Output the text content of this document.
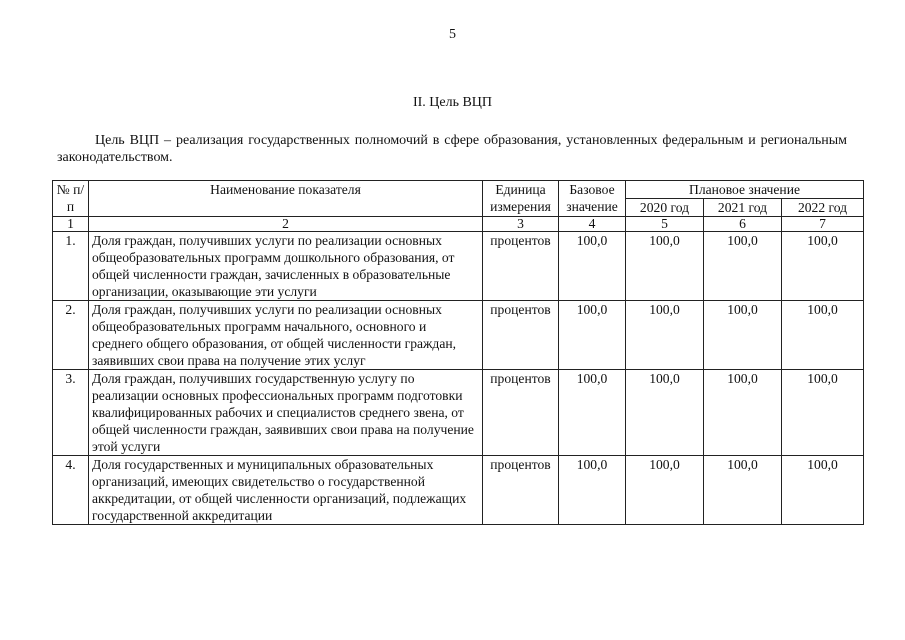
5
II. Цель ВЦП
Цель ВЦП – реализация государственных полномочий в сфере образования, установленных федеральным и региональным законодательством.
№ п/п	Наименование показателя	Единица измерения	Базовое значение	Плановое значение		
				2020 год	2021 год	2022 год
1	2	3	4	5	6	7
1.	Доля граждан, получивших услуги по реализации основных общеобразовательных программ дошкольного образования, от общей численности граждан, зачисленных в образовательные организации, оказывающие эти услуги	процентов	100,0	100,0	100,0	100,0
2.	Доля граждан, получивших услуги по реализации основных общеобразовательных программ начального, основного и среднего общего образования, от общей численности граждан, заявивших свои права на получение этих услуг	процентов	100,0	100,0	100,0	100,0
3.	Доля граждан, получивших государственную услугу по реализации основных профессиональных программ подготовки квалифицированных рабочих и специалистов среднего звена, от общей численности граждан, заявивших свои права на получение этой услуги	процентов	100,0	100,0	100,0	100,0
4.	Доля государственных и муниципальных образовательных организаций, имеющих свидетельство о государственной аккредитации, от общей численности организаций, подлежащих государственной аккредитации	процентов	100,0	100,0	100,0	100,0
